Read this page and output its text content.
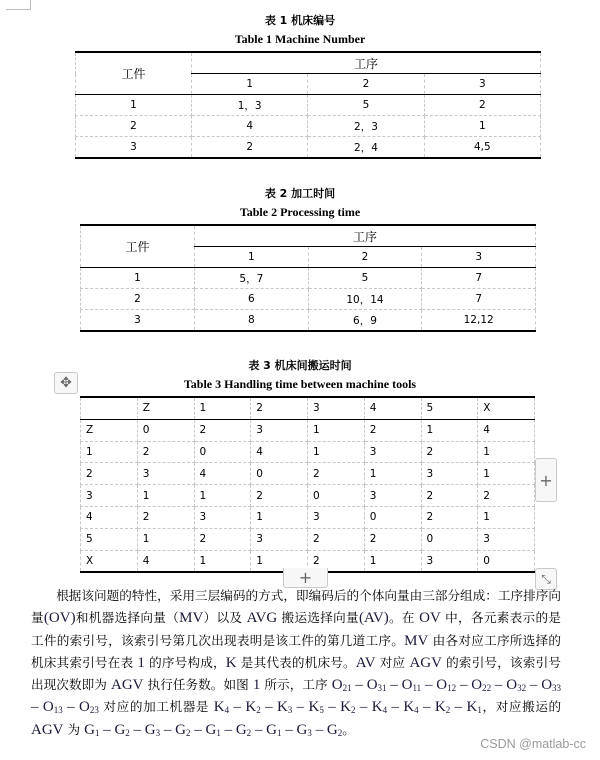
表 1 机床编号
Table 1 Machine Number
工件	工序		
	1	2	3
1	1，3	5	2
2	4	2，3	1
3	2	2，4	4,5
表 2 加工时间
Table 2 Processing time
工件	工序		
	1	2	3
1	5，7	5	7
2	6	10，14	7
3	8	6，9	12,12
表 3 机床间搬运时间
Table 3 Handling time between machine tools
✥
	Z	1	2	3	4	5	X
Z	0	2	3	1	2	1	4
1	2	0	4	1	3	2	1
2	3	4	0	2	1	3	1
3	1	1	2	0	3	2	2
4	2	3	1	3	0	2	1
5	1	2	3	2	2	0	3
X	4	1	1	2	1	3	0
+
+	⤡
根据该问题的特性，采用三层编码的方式，即编码后的个体向量由三部分组成：工序排序向量(OV)和机器选择向量（MV）以及 AVG 搬运选择向量(AV)。在 OV 中，各元素表示的是工件的索引号，该索引号第几次出现表明是该工件的第几道工序。MV 由各对应工序所选择的机床其索引号在表 1 的序号构成，K 是其代表的机床号。AV 对应 AGV 的索引号，该索引号出现次数即为 AGV 执行任务数。如图 1 所示，工序 $O_{21} - O_{31} - O_{11} - O_{12} - O_{22} - O_{32} - O_{33} - O_{13} - O_{23}$ 对应的加工机器是 $K_4 - K_2 - K_3 - K_5 - K_2 - K_4 - K_4 - K_2 - K_1$，对应搬运的 AGV 为 $G_1 - G_2 - G_3 - G_2 - G_1 - G_2 - G_1 - G_3 - G_2$。
CSDN @matlab-cc
